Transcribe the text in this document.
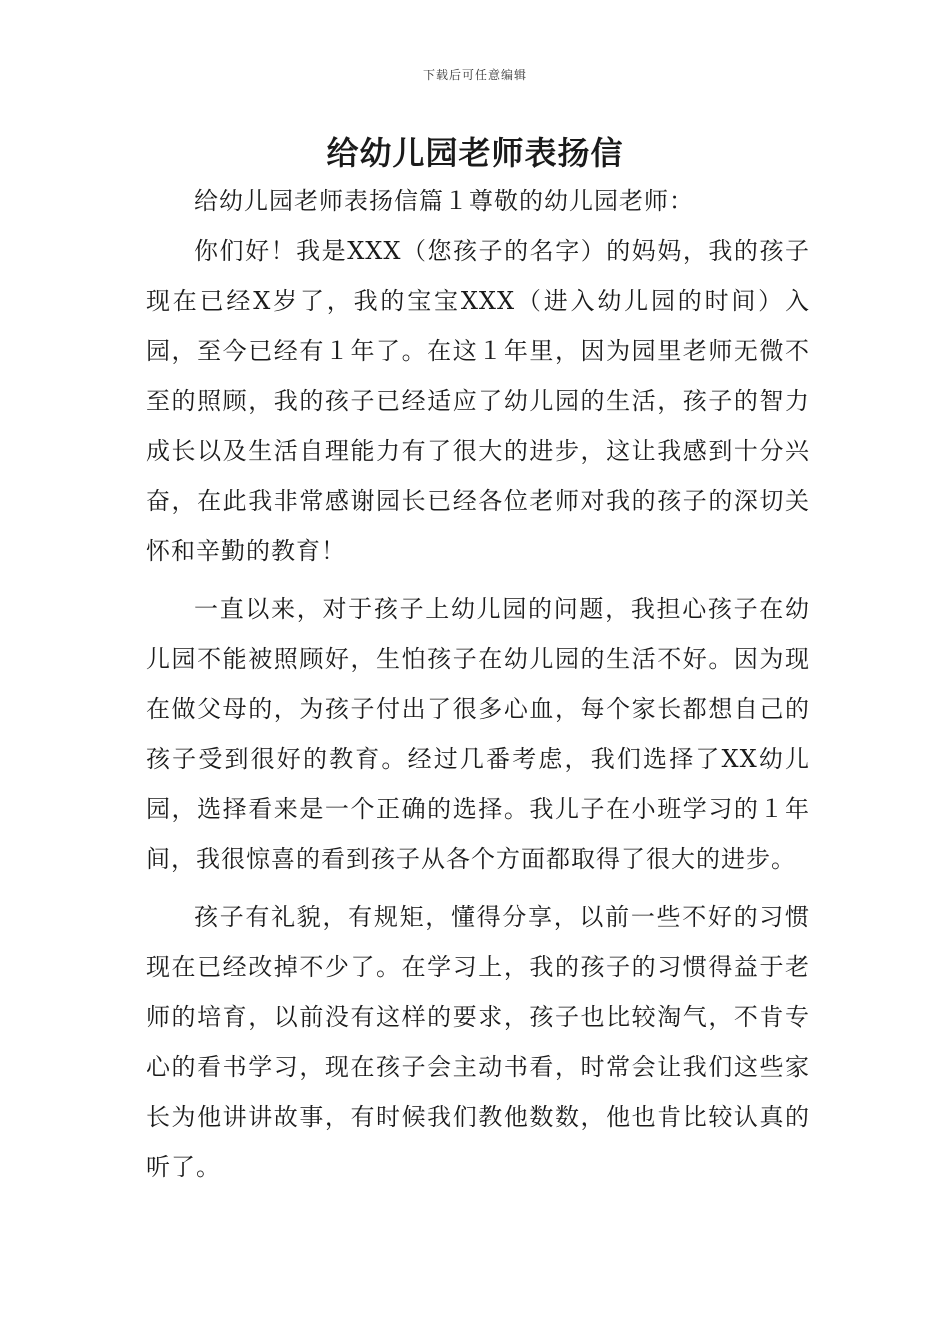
下载后可任意编辑
给幼儿园老师表扬信

给幼儿园老师表扬信篇１尊敬的幼儿园老师：

你们好！我是XXX（您孩子的名字）的妈妈，我的孩子现在已经X岁了，我的宝宝XXX（进入幼儿园的时间）入园，至今已经有１年了。在这１年里，因为园里老师无微不至的照顾，我的孩子已经适应了幼儿园的生活，孩子的智力成长以及生活自理能力有了很大的进步，这让我感到十分兴奋，在此我非常感谢园长已经各位老师对我的孩子的深切关怀和辛勤的教育！

一直以来，对于孩子上幼儿园的问题，我担心孩子在幼儿园不能被照顾好，生怕孩子在幼儿园的生活不好。因为现在做父母的，为孩子付出了很多心血，每个家长都想自己的孩子受到很好的教育。经过几番考虑，我们选择了XX幼儿园，选择看来是一个正确的选择。我儿子在小班学习的１年间，我很惊喜的看到孩子从各个方面都取得了很大的进步。

孩子有礼貌，有规矩，懂得分享，以前一些不好的习惯现在已经改掉不少了。在学习上，我的孩子的习惯得益于老师的培育，以前没有这样的要求，孩子也比较淘气，不肯专心的看书学习，现在孩子会主动书看，时常会让我们这些家长为他讲讲故事，有时候我们教他数数，他也肯比较认真的听了。
